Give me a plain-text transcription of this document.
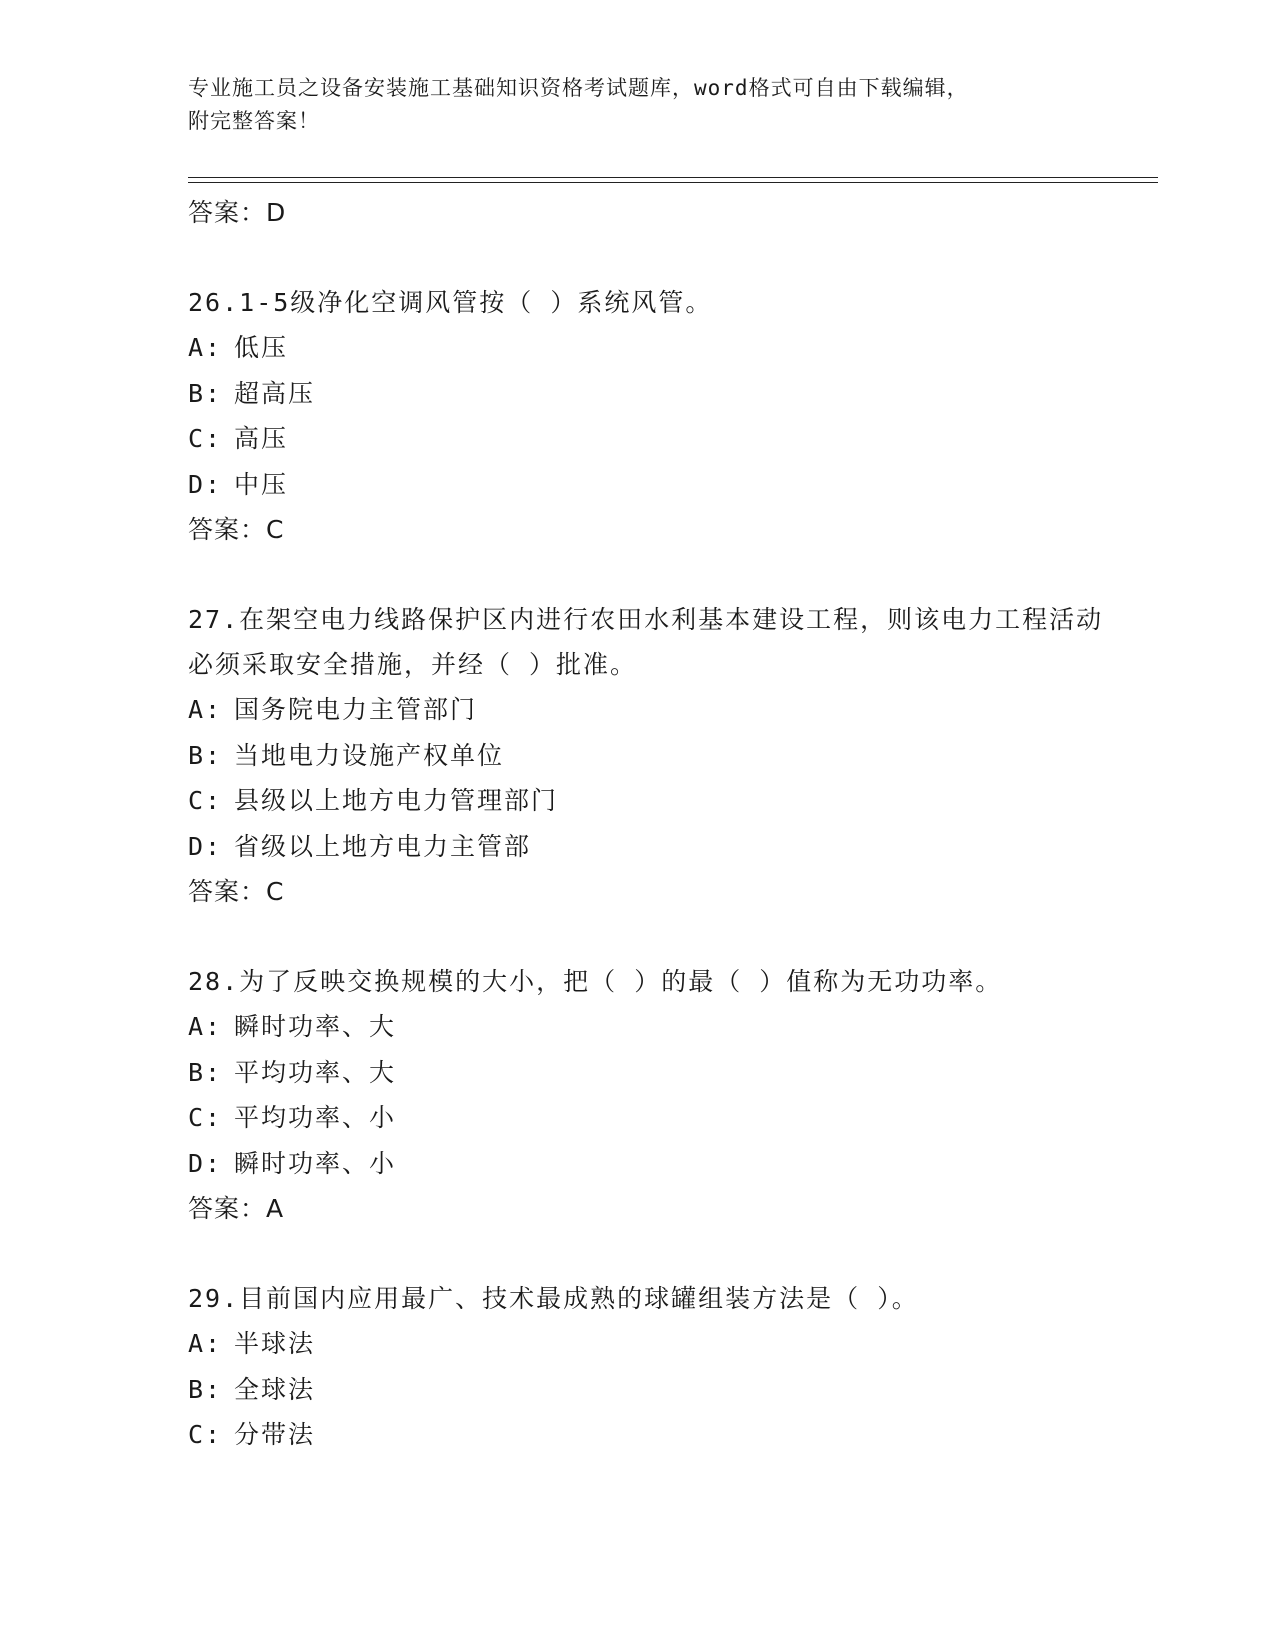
专业施工员之设备安装施工基础知识资格考试题库，word格式可自由下载编辑，
附完整答案！
答案：D
26.1-5级净化空调风管按（ ）系统风管。
A: 低压
B: 超高压
C: 高压
D: 中压
答案：C
27.在架空电力线路保护区内进行农田水利基本建设工程，则该电力工程活动必须采取安全措施，并经（ ）批准。
A: 国务院电力主管部门
B: 当地电力设施产权单位
C: 县级以上地方电力管理部门
D: 省级以上地方电力主管部
答案：C
28.为了反映交换规模的大小，把（ ）的最（ ）值称为无功功率。
A: 瞬时功率、大
B: 平均功率、大
C: 平均功率、小
D: 瞬时功率、小
答案：A
29.目前国内应用最广、技术最成熟的球罐组装方法是（ ）。
A: 半球法
B: 全球法
C: 分带法
